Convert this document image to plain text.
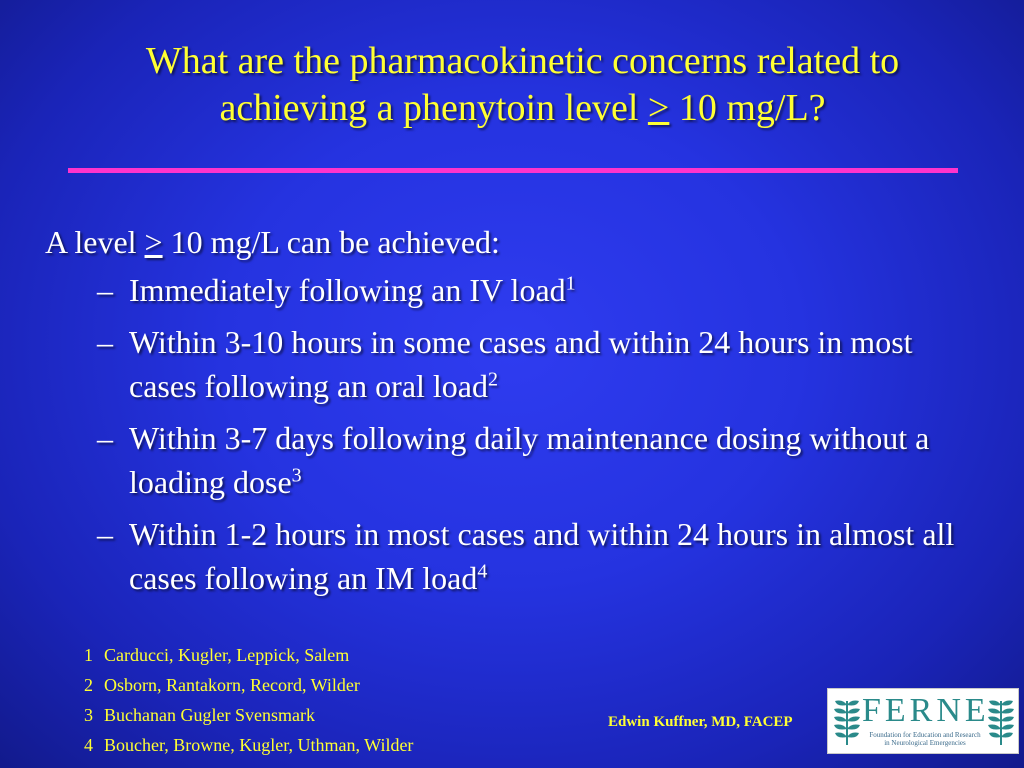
What are the pharmacokinetic concerns related to
achieving a phenytoin level > 10 mg/L?
A level > 10 mg/L can be achieved:
– Immediately following an IV load$^1$
– Within 3-10 hours in some cases and within 24 hours in most cases following an oral load$^2$
– Within 3-7 days following daily maintenance dosing without a loading dose$^3$
– Within 1-2 hours in most cases and within 24 hours in almost all cases following an IM load$^4$
1 Carducci, Kugler, Leppick, Salem
2 Osborn, Rantakorn, Record, Wilder
3 Buchanan Gugler Svensmark
4 Boucher, Browne, Kugler, Uthman, Wilder
Edwin Kuffner, MD, FACEP FERNE
Foundation for Education and Research
in Neurological Emergencies
